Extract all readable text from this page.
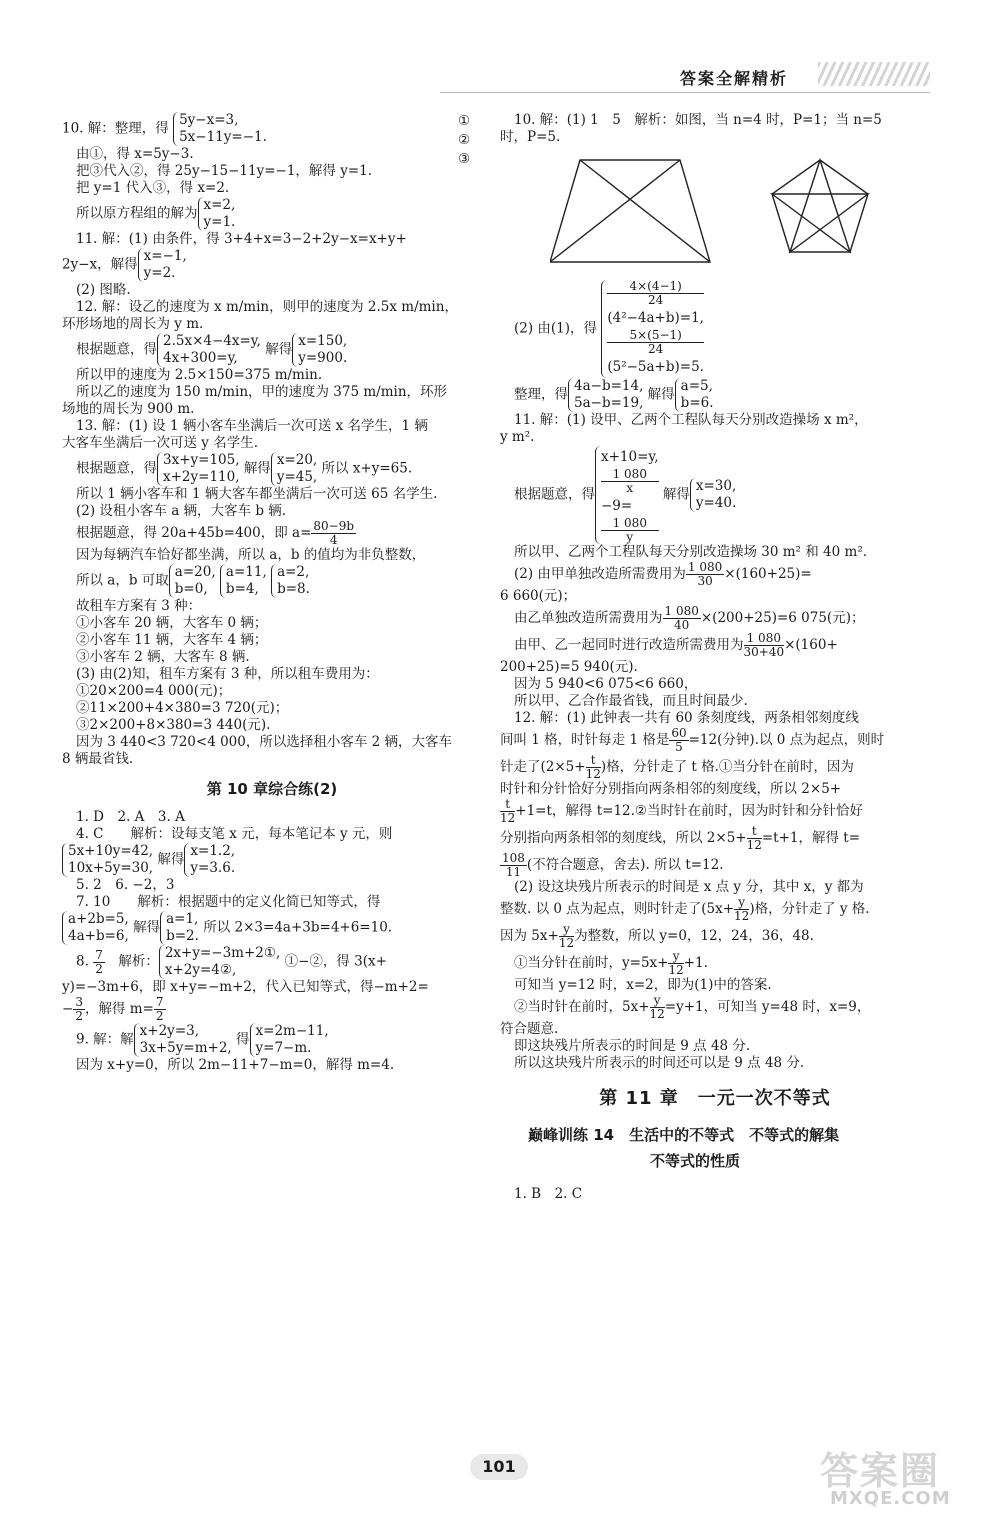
答案全解精析

10. 解：整理，得
5y−x=3,
5x−11y=−1.
①
②
③

由①，得 x=5y−3.

把③代入②，得 25y−15−11y=−1，解得 y=1.

把 y=1 代入③，得 x=2.

所以原方程组的解为
x=2,
y=1.

11. 解：(1) 由条件，得 3+4+x=3−2+2y−x=x+y+

2y−x，解得
x=−1,
y=2.

(2) 图略.

12. 解：设乙的速度为 x m/min，则甲的速度为 2.5x m/min，

环形场地的周长为 y m.

根据题意，得
2.5x×4−4x=y,
4x+300=y,
解得
x=150,
y=900.

所以甲的速度为 2.5×150=375 m/min.

所以乙的速度为 150 m/min，甲的速度为 375 m/min，环形

场地的周长为 900 m.

13. 解：(1) 设 1 辆小客车坐满后一次可送 x 名学生，1 辆

大客车坐满后一次可送 y 名学生.

根据题意，得
3x+y=105,
x+2y=110,
解得
x=20,
y=45,
所以 x+y=65.

所以 1 辆小客车和 1 辆大客车都坐满后一次可送 65 名学生.

(2) 设租小客车 a 辆，大客车 b 辆.

根据题意，得 20a+45b=400，即 $a= \frac{80-9b}{4}$

因为每辆汽车恰好都坐满，所以 a，b 的值均为非负整数，

所以 a，b 可取
a=20,
b=0,

a=11,
b=4,

a=2,
b=8.

故租车方案有 3 种：

①小客车 20 辆，大客车 0 辆；

②小客车 11 辆，大客车 4 辆；

③小客车 2 辆，大客车 8 辆.

(3) 由(2)知，租车方案有 3 种，所以租车费用为：

①20×200=4 000(元)；

②11×200+4×380=3 720(元)；

③2×200+8×380=3 440(元).

因为 3 440<3 720<4 000，所以选择租小客车 2 辆，大客车

8 辆最省钱.

第 10 章综合练(2)

1. D　2. A　3. A

4. C　　解析：设每支笔 x 元，每本笔记本 y 元，则

5x+10y=42,
10x+5y=30,
解得
x=1.2,
y=3.6.

5. 2　6. −2，3

7. 10　　解析：根据题中的定义化简已知等式，得

a+2b=5,
4a+b=6,
解得
a=1,
b=2.
所以 2×3=4a+3b=4+6=10.

8. $\frac{7}{2}$
　 解析：
2x+y=−3m+2①,
x+2y=4②,
①−②，得 3(x+

y)=−3m+6，即 x+y=−m+2，代入已知等式，得−m+2=

− $\frac{3}{2}$ ，解得 $m= \frac{7}{2}$

9. 解：解
x+2y=3,
3x+5y=m+2,
得
x=2m−11,
y=7−m.

因为 x+y=0，所以 2m−11+7−m=0，解得 m=4.

10. 解：(1) 1　5　解析：如图，当 n=4 时，P=1；当 n=5

时，P=5.

(2) 由(1)，得
4×(4−1)
24
(4²−4a+b)=1,
5×(5−1)
24
(5²−5a+b)=5.

整理，得
4a−b=14,
5a−b=19,
解得
a=5,
b=6.

11. 解：(1) 设甲、乙两个工程队每天分别改造操场 x m²，

y m².

根据题意，得
x+10=y,
1 080
x
−9=
1 080
y
解得
x=30,
y=40.

所以甲、乙两个工程队每天分别改造操场 30 m² 和 40 m².

(2) 由甲单独改造所需费用为 $\frac{1 080}{30} \times(160+25)=$

6 660(元)；

由乙单独改造所需费用为 $\frac{1 080}{40} \times(200+25)=6$ 075(元)；

由甲、乙一起同时进行改造所需费用为 $\frac{1 080}{30+40} \times(160+$

200+25)=5 940(元).

因为 5 940<6 075<6 660，

所以甲、乙合作最省钱，而且时间最少.

12. 解：(1) 此钟表一共有 60 条刻度线，两条相邻刻度线

间叫 1 格，时针每走 1 格是 $\frac{60}{5} =12$(分钟).以 0 点为起点，则时

针走了($2\times 5+ \frac{t}{12}$ )格，分针走了 t 格.①当分针在前时，因为

时针和分针恰好分别指向两条相邻的刻度线，所以 2×5+

$\frac{t}{12} +1=t$，解得 t=12.②当时针在前时，因为时针和分针恰好

分别指向两条相邻的刻度线，所以 $2\times 5+ \frac{t}{12} =t+1$，解得 t=

$\frac{108}{11}$ (不符合题意，舍去). 所以 t=12.

(2) 设这块残片所表示的时间是 x 点 y 分，其中 x，y 都为

整数. 以 0 点为起点，则时针走了($5x+ \frac{y}{12}$ )格，分针走了 y 格.

因为 $5x+ \frac{y}{12}$ 为整数，所以 y=0，12，24，36，48.

①当分针在前时，$y=5x+ \frac{y}{12} +1$.

可知当 y=12 时，x=2，即为(1)中的答案.

②当时针在前时，$5x+ \frac{y}{12} =y+1$，可知当 y=48 时，x=9，

符合题意.

即这块残片所表示的时间是 9 点 48 分.

所以这块残片所表示的时间还可以是 9 点 48 分.

第 11 章　一元一次不等式
巅峰训练 14　生活中的不等式　不等式的解集
不等式的性质

1. B　2. C

101	答案圈
MXQE.COM
